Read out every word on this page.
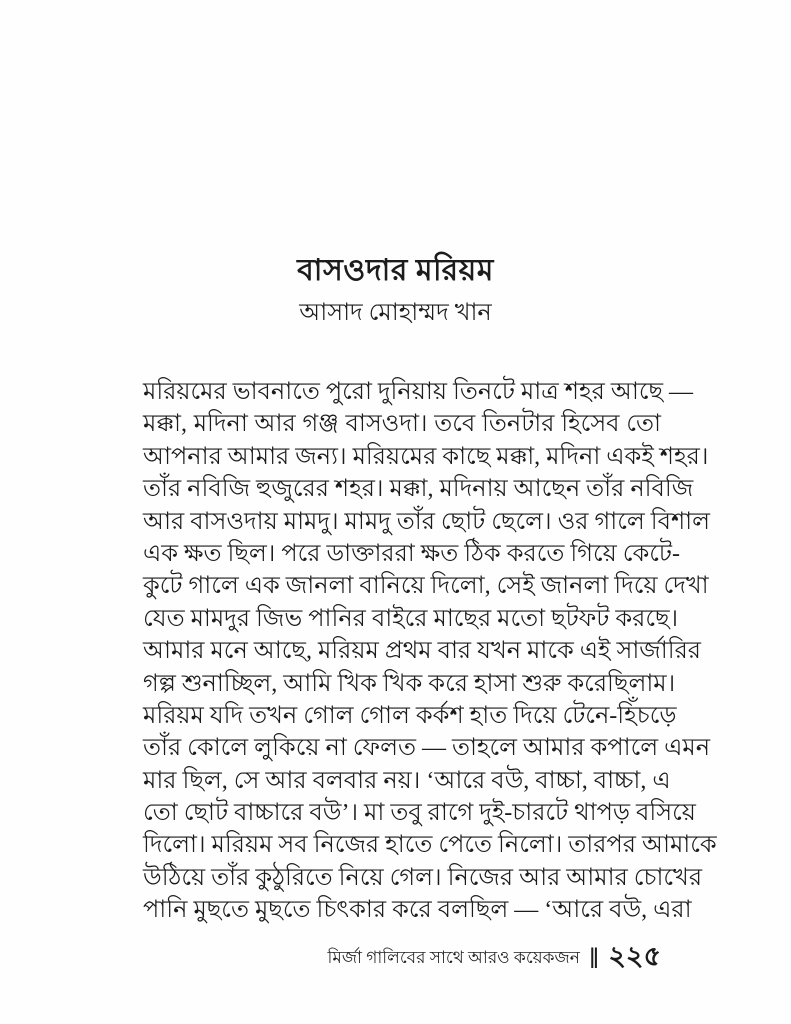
বাসওদার মরিয়ম
আসাদ মোহাম্মদ খান
মরিয়মের ভাবনাতে পুরো দুনিয়ায় তিনটে মাত্র শহর আছে —
মক্কা, মদিনা আর গঞ্জ বাসওদা। তবে তিনটার হিসেব তো
আপনার আমার জন্য। মরিয়মের কাছে মক্কা, মদিনা একই শহর।
তাঁর নবিজি হুজুরের শহর। মক্কা, মদিনায় আছেন তাঁর নবিজি
আর বাসওদায় মামদু। মামদু তাঁর ছোট ছেলে। ওর গালে বিশাল
এক ক্ষত ছিল। পরে ডাক্তাররা ক্ষত ঠিক করতে গিয়ে কেটে-
কুটে গালে এক জানলা বানিয়ে দিলো, সেই জানলা দিয়ে দেখা
যেত মামদুর জিভ পানির বাইরে মাছের মতো ছটফট করছে।
আমার মনে আছে, মরিয়ম প্রথম বার যখন মাকে এই সার্জারির
গল্প শুনাচ্ছিল, আমি খিক খিক করে হাসা শুরু করেছিলাম।
মরিয়ম যদি তখন গোল গোল কর্কশ হাত দিয়ে টেনে-হিঁচড়ে
তাঁর কোলে লুকিয়ে না ফেলত — তাহলে আমার কপালে এমন
মার ছিল, সে আর বলবার নয়। ‘আরে বউ, বাচ্চা, বাচ্চা, এ
তো ছোট বাচ্চারে বউ’। মা তবু রাগে দুই-চারটে থাপড় বসিয়ে
দিলো। মরিয়ম সব নিজের হাতে পেতে নিলো। তারপর আমাকে
উঠিয়ে তাঁর কুঠুরিতে নিয়ে গেল। নিজের আর আমার চোখের
পানি মুছতে মুছতে চিৎকার করে বলছিল — ‘আরে বউ, এরা
মির্জা গালিবের সাথে আরও কয়েকজন ‖ ২২৫
